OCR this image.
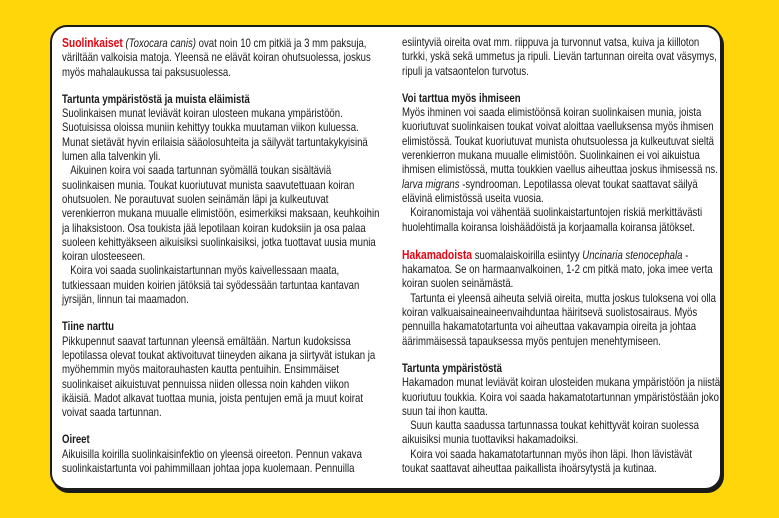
Suolinkaiset (Toxocara canis) ovat noin 10 cm pitkiä ja 3 mm paksuja, väriltään valkoisia matoja. Yleensä ne elävät koiran ohutsuolessa, joskus myös mahalaukussa tai paksusuolessa.

Tartunta ympäristöstä ja muista eläimistä

Suolinkaisen munat leviävät koiran ulosteen mukana ympäristöön. Suotuisissa oloissa muniin kehittyy toukka muutaman viikon kuluessa. Munat sietävät hyvin erilaisia sääolosuhteita ja säilyvät tartuntakykyisinä lumen alla talvenkin yli.

Aikuinen koira voi saada tartunnan syömällä toukan sisältäviä suolinkaisen munia. Toukat kuoriutuvat munista saavutettuaan koiran ohutsuolen. Ne porautuvat suolen seinämän läpi ja kulkeutuvat verenkierron mukana muualle elimistöön, esimerkiksi maksaan, keuhkoihin ja lihaksistoon. Osa toukista jää lepotilaan koiran kudoksiin ja osa palaa suoleen kehittyäkseen aikuisiksi suolinkaisiksi, jotka tuottavat uusia munia koiran ulosteeseen.

Koira voi saada suolinkaistartunnan myös kaivellessaan maata, tutkiessaan muiden koirien jätöksiä tai syödessään tartuntaa kantavan jyrsijän, linnun tai maamadon.

Tiine narttu

Pikkupennut saavat tartunnan yleensä emältään. Nartun kudoksissa lepotilassa olevat toukat aktivoituvat tiineyden aikana ja siirtyvät istukan ja myöhemmin myös maitorauhasten kautta pentuihin. Ensimmäiset suolinkaiset aikuistuvat pennuissa niiden ollessa noin kahden viikon ikäisiä. Madot alkavat tuottaa munia, joista pentujen emä ja muut koirat voivat saada tartunnan.

Oireet

Aikuisilla koirilla suolinkaisinfektio on yleensä oireeton. Pennun vakava suolinkaistartunta voi pahimmillaan johtaa jopa kuolemaan. Pennuilla

esiintyviä oireita ovat mm. riippuva ja turvonnut vatsa, kuiva ja kiilloton turkki, yskä sekä ummetus ja ripuli. Lievän tartunnan oireita ovat väsymys, ripuli ja vatsaontelon turvotus.

Voi tarttua myös ihmiseen

Myös ihminen voi saada elimistöönsä koiran suolinkaisen munia, joista kuoriutuvat suolinkaisen toukat voivat aloittaa vaelluksensa myös ihmisen elimistössä. Toukat kuoriutuvat munista ohutsuolessa ja kulkeutuvat sieltä verenkierron mukana muualle elimistöön. Suolinkainen ei voi aikuistua ihmisen elimistössä, mutta toukkien vaellus aiheuttaa joskus ihmisessä ns. larva migrans -syndrooman. Lepotilassa olevat toukat saattavat säilyä elävinä elimistössä useita vuosia.

Koiranomistaja voi vähentää suolinkaistartuntojen riskiä merkittävästi huolehtimalla koiransa loishäädöistä ja korjaamalla koiransa jätökset.

Hakamadoista suomalaiskoirilla esiintyy Uncinaria stenocephala -hakamatoa. Se on harmaanvalkoinen, 1-2 cm pitkä mato, joka imee verta koiran suolen seinämästä.

Tartunta ei yleensä aiheuta selviä oireita, mutta joskus tuloksena voi olla koiran valkuaisaineaineenvaihduntaa häiritsevä suolistosairaus. Myös pennuilla hakamatotartunta voi aiheuttaa vakavampia oireita ja johtaa äärimmäisessä tapauksessa myös pentujen menehtymiseen.

Tartunta ympäristöstä

Hakamadon munat leviävät koiran ulosteiden mukana ympäristöön ja niistä kuoriutuu toukkia. Koira voi saada hakamatotartunnan ympäristöstään joko suun tai ihon kautta.

Suun kautta saadussa tartunnassa toukat kehittyvät koiran suolessa aikuisiksi munia tuottaviksi hakamadoiksi.

Koira voi saada hakamatotartunnan myös ihon läpi. Ihon lävistävät toukat saattavat aiheuttaa paikallista ihoärsytystä ja kutinaa.
